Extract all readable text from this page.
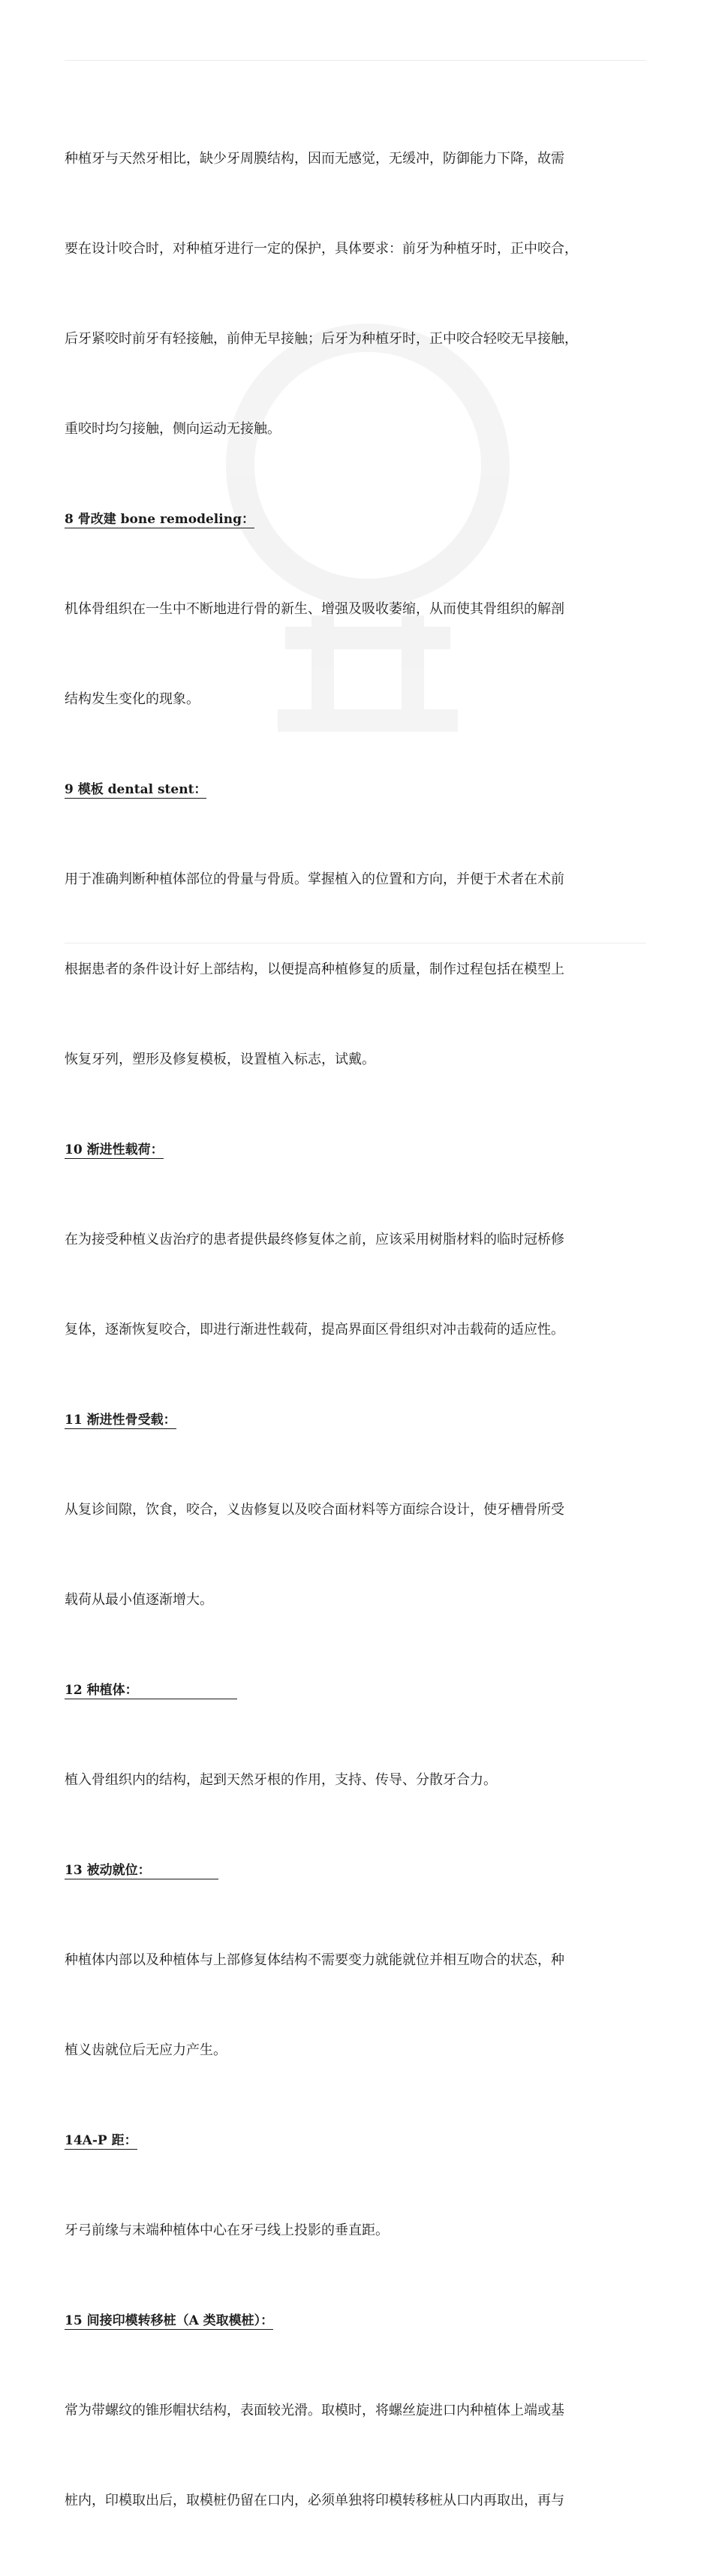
种植牙与天然牙相比，缺少牙周膜结构，因而无感觉，无缓冲，防御能力下降，故需

要在设计咬合时，对种植牙进行一定的保护，具体要求：前牙为种植牙时，正中咬合，

后牙紧咬时前牙有轻接触，前伸无早接触；后牙为种植牙时，正中咬合轻咬无早接触，

重咬时均匀接触，侧向运动无接触。

8 骨改建 bone remodeling：

机体骨组织在一生中不断地进行骨的新生、增强及吸收萎缩，从而使其骨组织的解剖

结构发生变化的现象。

9 模板 dental stent：

用于准确判断种植体部位的骨量与骨质。掌握植入的位置和方向，并便于术者在术前

根据患者的条件设计好上部结构，以便提高种植修复的质量，制作过程包括在模型上

恢复牙列，塑形及修复模板，设置植入标志，试戴。

10 渐进性载荷：

在为接受种植义齿治疗的患者提供最终修复体之前，应该采用树脂材料的临时冠桥修

复体，逐渐恢复咬合，即进行渐进性载荷，提高界面区骨组织对冲击载荷的适应性。

11 渐进性骨受载：

从复诊间隙，饮食，咬合，义齿修复以及咬合面材料等方面综合设计，使牙槽骨所受

载荷从最小值逐渐增大。

12 种植体：

植入骨组织内的结构，起到天然牙根的作用，支持、传导、分散牙合力。

13 被动就位：

种植体内部以及种植体与上部修复体结构不需要变力就能就位并相互吻合的状态，种

植义齿就位后无应力产生。

14A-P 距：

牙弓前缘与末端种植体中心在牙弓线上投影的垂直距。

15 间接印模转移桩（A 类取模桩）：

常为带螺纹的锥形帽状结构，表面较光滑。取模时，将螺丝旋进口内种植体上端或基

桩内，印模取出后，取模桩仍留在口内，必须单独将印模转移桩从口内再取出，再与
